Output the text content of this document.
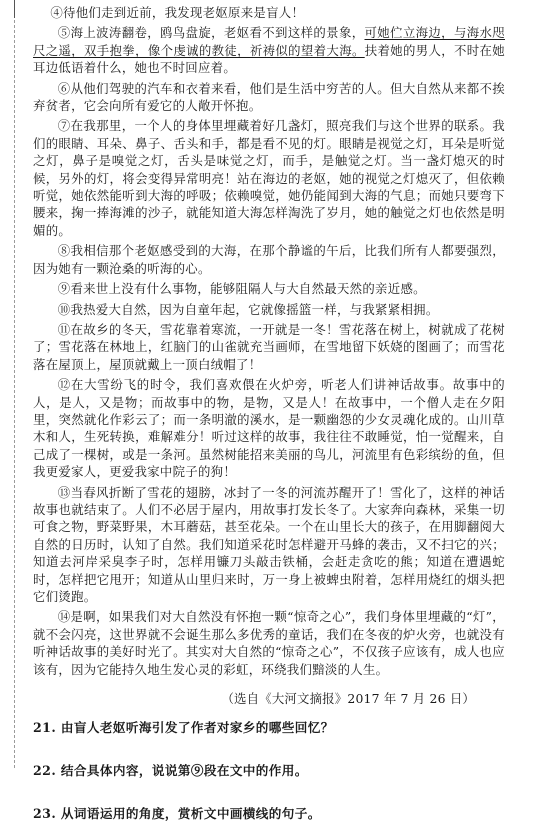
④待他们走到近前，我发现老妪原来是盲人！

⑤海上波涛翻卷，鸥鸟盘旋，老妪看不到这样的景象，可她伫立海边，与海水咫尺之遥，双手抱拳，像个虔诚的教徒，祈祷似的望着大海。扶着她的男人，不时在她耳边低语着什么，她也不时回应着。

⑥从他们驾驶的汽车和衣着来看，他们是生活中穷苦的人。但大自然从来都不挨弃贫者，它会向所有爱它的人敞开怀抱。

⑦在我那里，一个人的身体里埋藏着好几盏灯，照亮我们与这个世界的联系。我们的眼睛、耳朵、鼻子、舌头和手，都是看不见的灯。眼睛是视觉之灯，耳朵是听觉之灯，鼻子是嗅觉之灯，舌头是味觉之灯，而手，是触觉之灯。当一盏灯熄灭的时候，另外的灯，将会变得异常明亮！站在海边的老妪，她的视觉之灯熄灭了，但依赖听觉，她依然能听到大海的呼吸；依赖嗅觉，她仍能闻到大海的气息；而她只要弯下腰来，掬一捧海滩的沙子，就能知道大海怎样淘洗了岁月，她的触觉之灯也依然是明媚的。

⑧我相信那个老妪感受到的大海，在那个静谧的午后，比我们所有人都要强烈，因为她有一颗沧桑的听海的心。

⑨看来世上没有什么事物，能够阻隔人与大自然最天然的亲近感。

⑩我热爱大自然，因为自童年起，它就像摇篮一样，与我紧紧相拥。

⑪在故乡的冬天，雪花靠着寒流，一开就是一冬！雪花落在树上，树就成了花树了；雪花落在林地上，红脑门的山雀就充当画师，在雪地留下妖娆的图画了；而雪花落在屋顶上，屋顶就戴上一顶白绒帽了！

⑫在大雪纷飞的时令，我们喜欢偎在火炉旁，听老人们讲神话故事。故事中的人，是人，又是物；而故事中的物，是物，又是人！在故事中，一个僧人走在夕阳里，突然就化作彩云了；而一条明澈的溪水，是一颗幽怨的少女灵魂化成的。山川草木和人，生死转换，难解难分！听过这样的故事，我往往不敢睡觉，怕一觉醒来，自己成了一棵树，或是一条河。虽然树能招来美丽的鸟儿，河流里有色彩缤纷的鱼，但我更爱家人，更爱我家中院子的狗！

⑬当春风折断了雪花的翅膀，冰封了一冬的河流苏醒开了！雪化了，这样的神话故事也就结束了。人们不必居于屋内，用故事打发长冬了。大家奔向森林，采集一切可食之物，野菜野果，木耳蘑菇，甚至花朵。一个在山里长大的孩子，在用脚翻阅大自然的日历时，认知了自然。我们知道采花时怎样避开马蜂的袭击，又不扫它的兴；知道去河岸采臭李子时，怎样用镰刀头敲击铁桶，会赶走贪吃的熊；知道在遭遇蛇时，怎样把它甩开；知道从山里归来时，万一身上被蜱虫附着，怎样用烧红的烟头把它们烫跑。

⑭是啊，如果我们对大自然没有怀抱一颗“惊奇之心”，我们身体里埋藏的“灯”，就不会闪亮，这世界就不会诞生那么多优秀的童话，我们在冬夜的炉火旁，也就没有听神话故事的美好时光了。其实对大自然的“惊奇之心”，不仅孩子应该有，成人也应该有，因为它能持久地生发心灵的彩虹，环绕我们黯淡的人生。

（选自《大河文摘报》2017 年 7 月 26 日）

21. 由盲人老妪听海引发了作者对家乡的哪些回忆？

22. 结合具体内容，说说第⑨段在文中的作用。

23. 从词语运用的角度，赏析文中画横线的句子。
